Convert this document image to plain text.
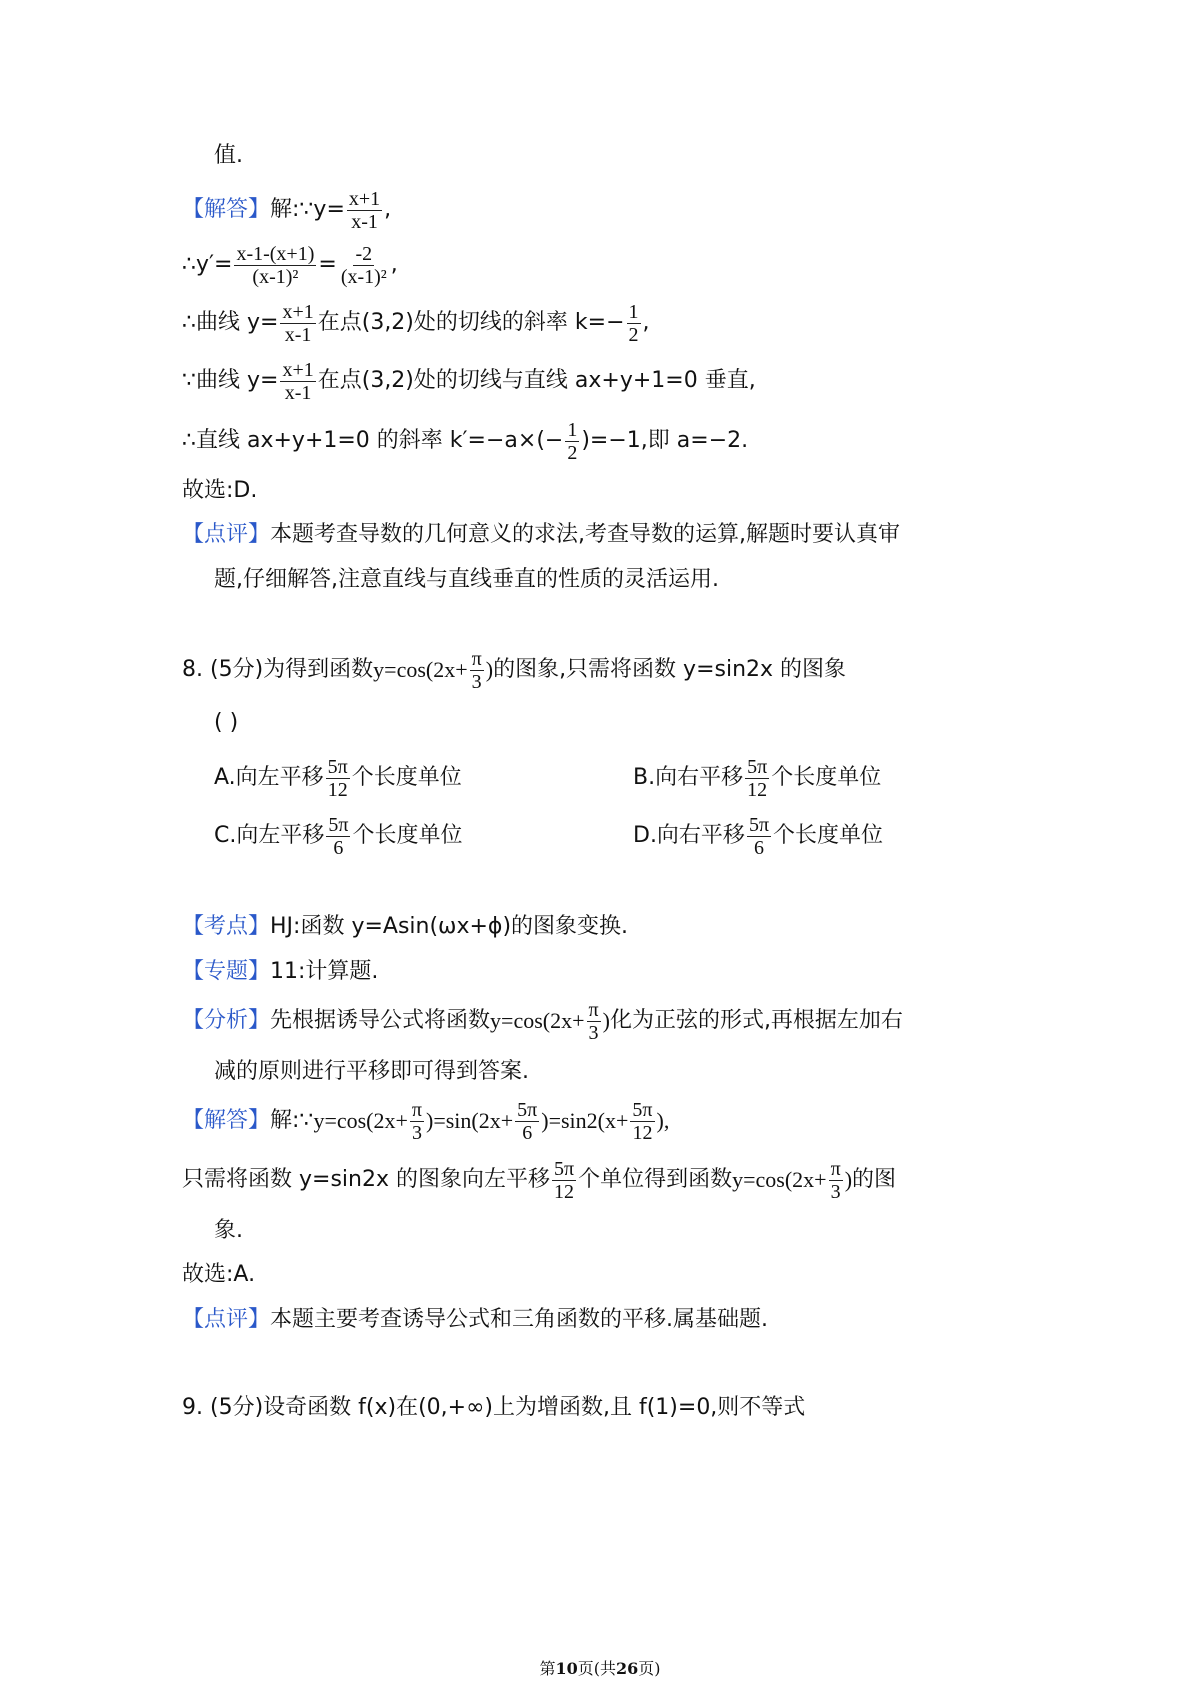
值.
【解答】 解:∵y= $\frac{x+1}{x-1}$ ,
∴y′= $\frac{x-1-(x+1)}{\text{(x-1)²}} = \frac{-2}{\text{(x-1)²}}$ ,
∴曲线 $y= \frac{x+1}{x-1}$ 在点(3,2)处的切线的斜率 $k= - \frac{1}{2}$ ,
∵曲线 $y= \frac{x+1}{x-1}$ 在点(3,2)处的切线与直线 ax+y+1=0 垂直,
∴直线 ax+y+1=0 的斜率 k′=−a× (− $\frac{1}{2} )=-1$,即 a=−2.
故选:D.
【点评】 本题考查导数的几何意义的求法,考查导数的运算,解题时要认真审
题,仔细解答,注意直线与直线垂直的性质的灵活运用.
8. (5分)为得到函数 $y=\cos(2x+ \frac{\pi}{3}$ ) 的图象,只需将函数 y=sin2x 的图象
( )
A.向左平移 $\frac{5\pi}{12}$ 个长度单位	B.向右平移 $\frac{5\pi}{12}$ 个长度单位
C.向左平移 $\frac{5\pi}{6}$ 个长度单位	D.向右平移 $\frac{5\pi}{6}$ 个长度单位
【考点】 HJ:函数 y=Asin(ωx+ϕ)的图象变换.
【专题】 11:计算题.
【分析】 先根据诱导公式将函数 $y=\cos(2x+ \frac{\pi}{3}$ ) 化为正弦的形式,再根据左加右
减的原则进行平移即可得到答案.
【解答】 解:∵ $y=\cos(2x+ \frac{\pi}{3} )=\sin(2x+ \frac{5\pi}{6} )=\sin 2(x+ \frac{5\pi}{12}$ ),
只需将函数 y=sin2x 的图象向左平移 $\frac{5\pi}{12}$ 个单位得到函数 $y=\cos(2x+ \frac{\pi}{3}$ ) 的图
象.
故选:A.
【点评】 本题主要考查诱导公式和三角函数的平移.属基础题.
9. (5分)设奇函数 f(x)在(0,+∞)上为增函数,且 f(1)=0,则不等式
第10页(共26页)
